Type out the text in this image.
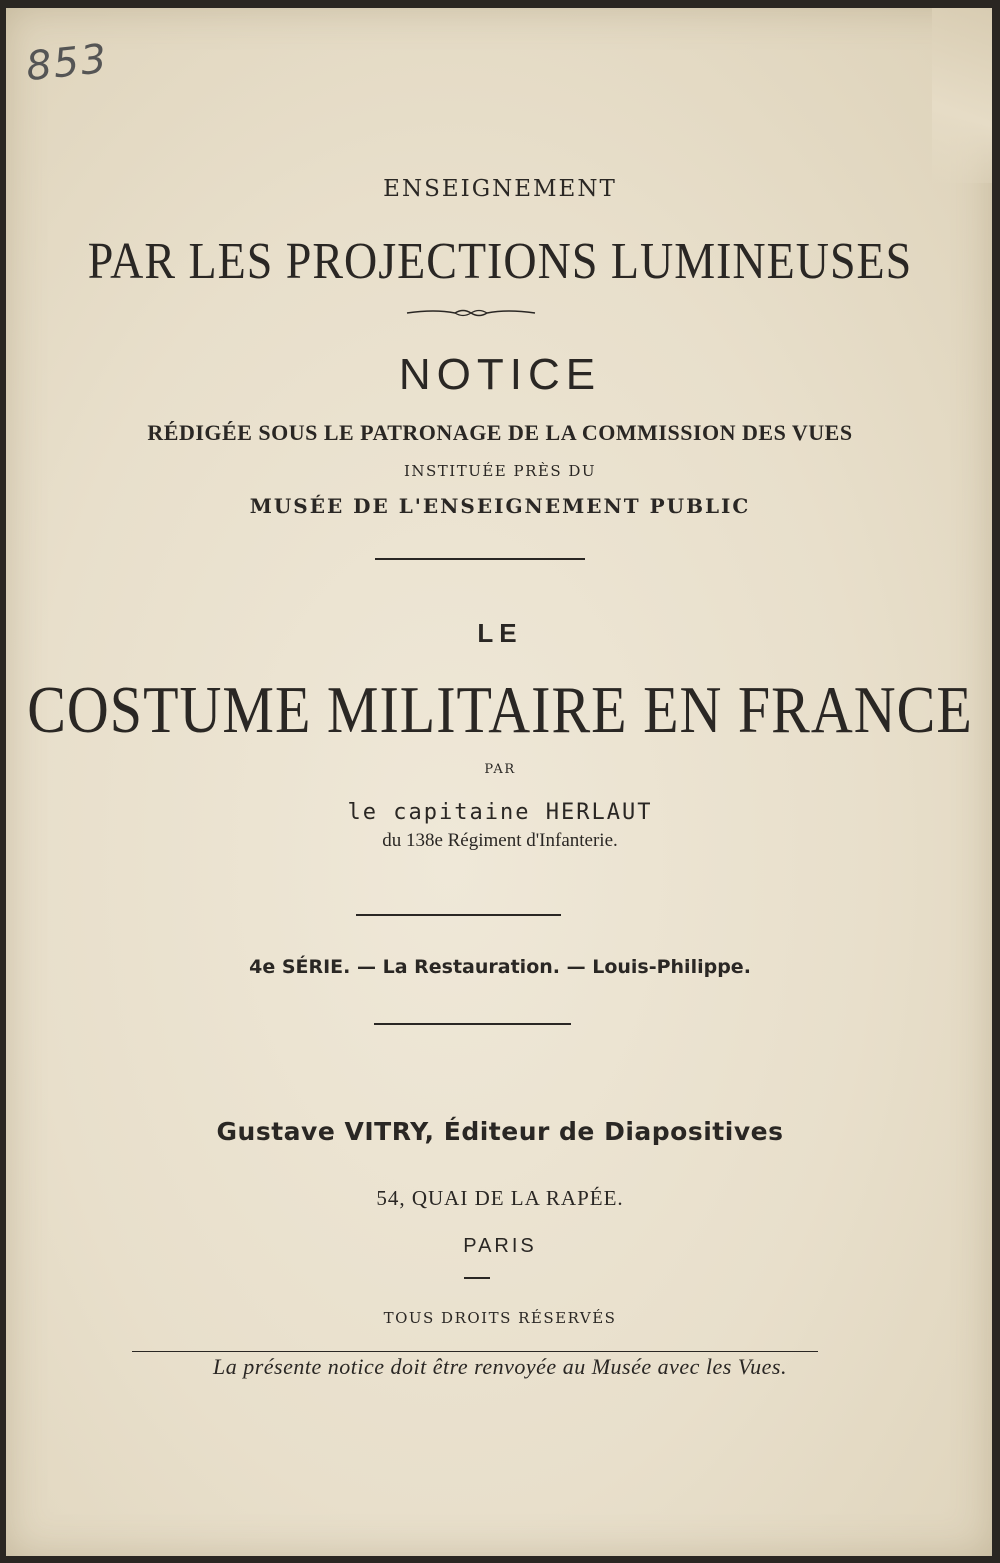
853
ENSEIGNEMENT
PAR LES PROJECTIONS LUMINEUSES
NOTICE
RÉDIGÉE SOUS LE PATRONAGE DE LA COMMISSION DES VUES
INSTITUÉE PRÈS DU
MUSÉE DE L'ENSEIGNEMENT PUBLIC
LE
COSTUME MILITAIRE EN FRANCE
PAR
le capitaine HERLAUT
du 138e Régiment d'Infanterie.
4e SÉRIE. — La Restauration. — Louis-Philippe.
Gustave VITRY, Éditeur de Diapositives
54, QUAI DE LA RAPÉE.
PARIS
TOUS DROITS RÉSERVÉS
La présente notice doit être renvoyée au Musée avec les Vues.
